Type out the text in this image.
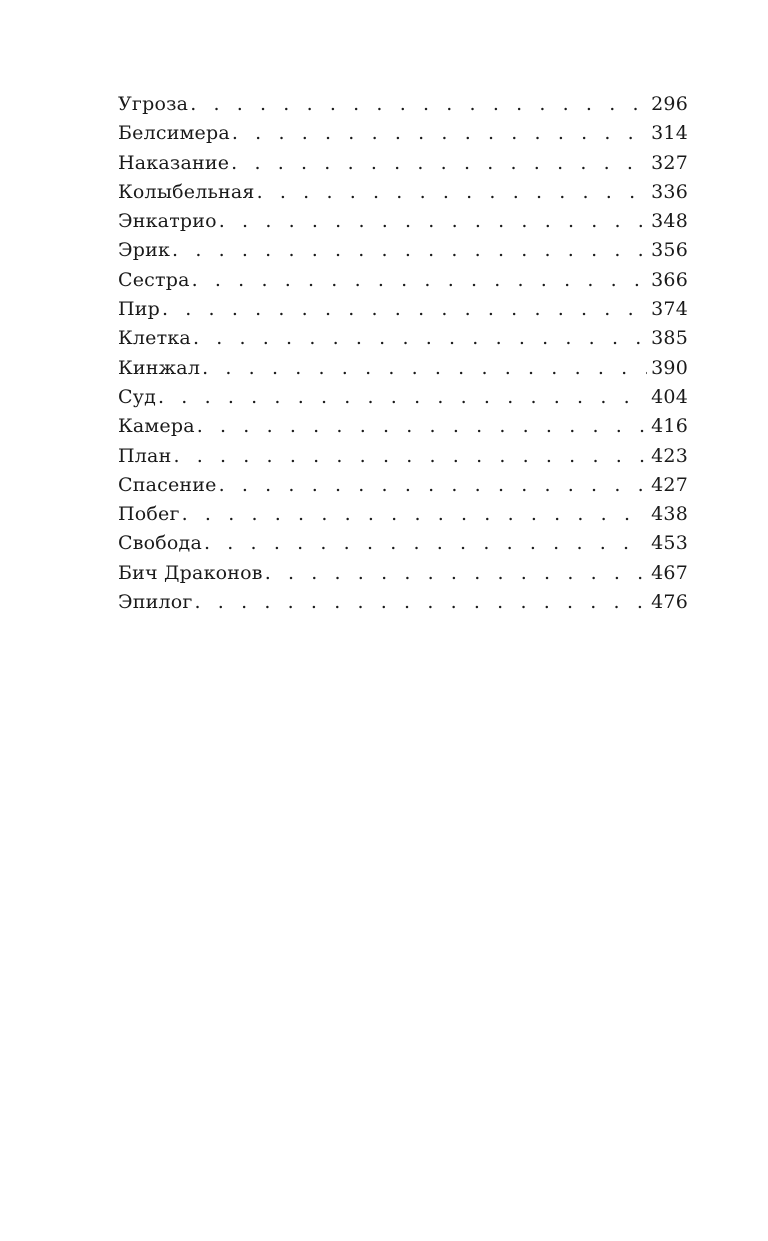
Угроза . . .	296
Белсимера . . .	314
Наказание . . .	327
Колыбельная . . .	336
Энкатрио . . .	348
Эрик . . .	356
Сестра . . .	366
Пир . . .	374
Клетка . . .	385
Кинжал . . .	390
Суд . . .	404
Камера . . .	416
План . . .	423
Спасение . . .	427
Побег . . .	438
Свобода . . .	453
Бич Драконов . . .	467
Эпилог . . .	476
